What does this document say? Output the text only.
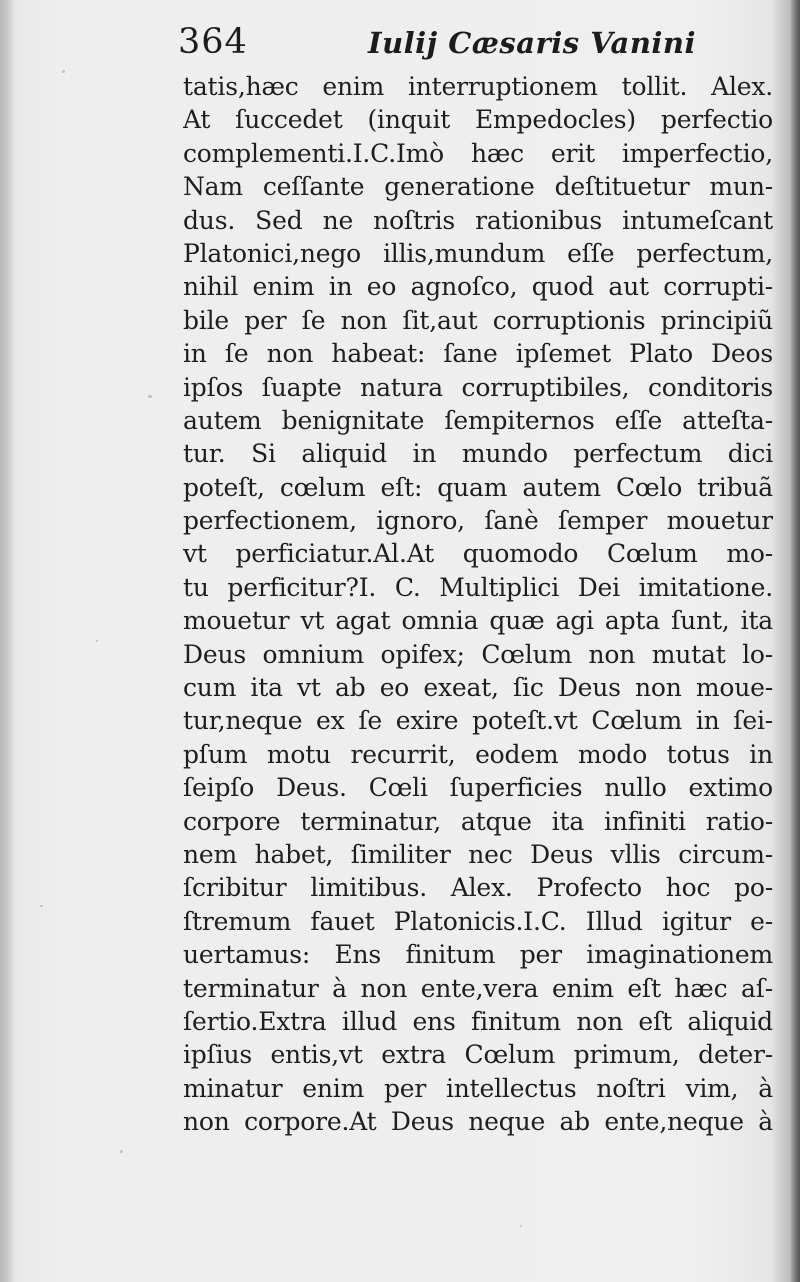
364	Iulij Cæsaris Vanini
tatis,hæc enim interruptionem tollit. Alex.
At ſuccedet (inquit Empedocles) perfectio
complementi.I.C.Imò hæc erit imperfectio,
Nam ceſſante generatione deſtituetur mun-
dus. Sed ne noſtris rationibus intumeſcant
Platonici,nego illis,mundum eſſe perfectum,
nihil enim in eo agnoſco, quod aut corrupti-
bile per ſe non ſit,aut corruptionis principiũ
in ſe non habeat: ſane ipſemet Plato Deos
ipſos ſuapte natura corruptibiles, conditoris
autem benignitate ſempiternos eſſe atteſta-
tur. Si aliquid in mundo perfectum dici
poteſt, cœlum eſt: quam autem Cœlo tribuã
perfectionem, ignoro, ſanè ſemper mouetur
vt perficiatur.Al.At quomodo Cœlum mo-
tu perficitur?I. C. Multiplici Dei imitatione.
mouetur vt agat omnia quæ agi apta ſunt, ita
Deus omnium opifex; Cœlum non mutat lo-
cum ita vt ab eo exeat, ſic Deus non moue-
tur,neque ex ſe exire poteſt.vt Cœlum in ſei-
pſum motu recurrit, eodem modo totus in
ſeipſo Deus. Cœli ſuperficies nullo extimo
corpore terminatur, atque ita infiniti ratio-
nem habet, ſimiliter nec Deus vllis circum-
ſcribitur limitibus. Alex. Profecto hoc po-
ſtremum fauet Platonicis.I.C. Illud igitur e-
uertamus: Ens finitum per imaginationem
terminatur à non ente,vera enim eſt hæc aſ-
ſertio.Extra illud ens finitum non eſt aliquid
ipſius entis,vt extra Cœlum primum, deter-
minatur enim per intellectus noſtri vim, à
non corpore.At Deus neque ab ente,neque à
